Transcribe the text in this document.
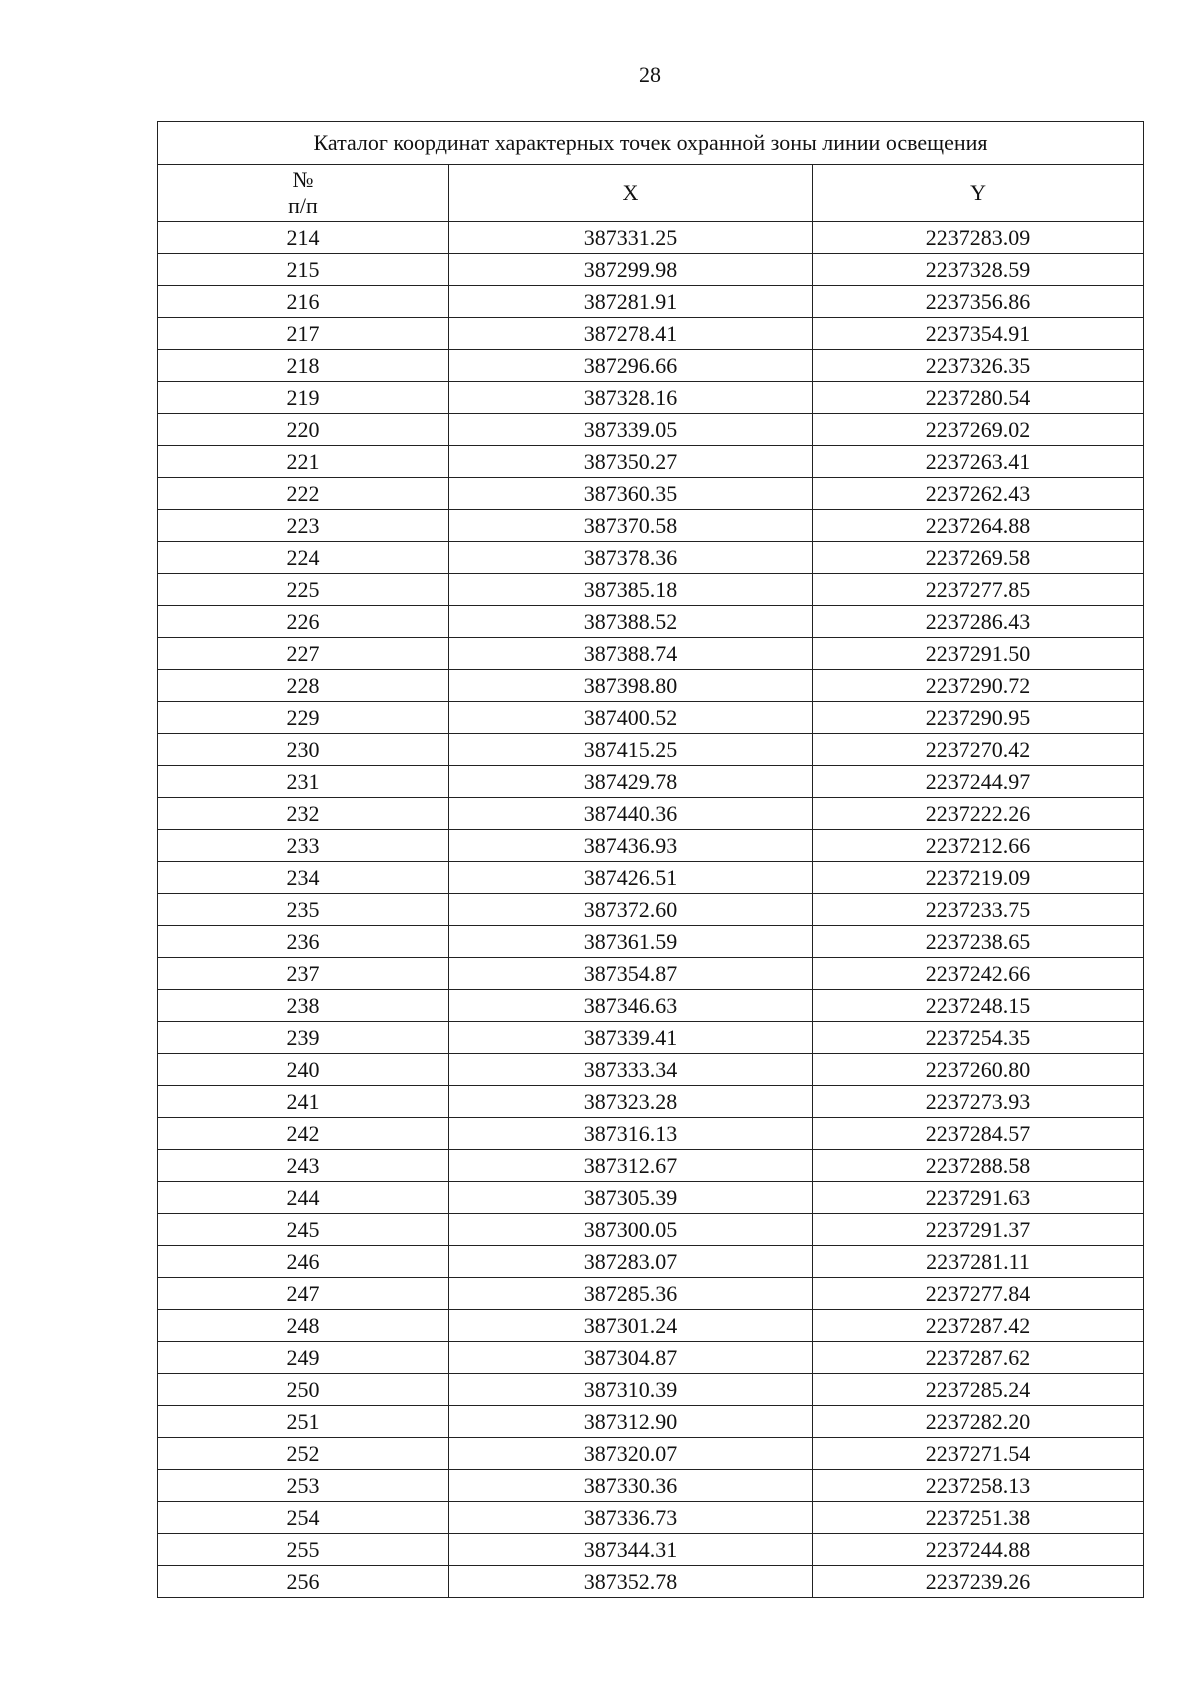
28
Каталог координат характерных точек охранной зоны линии освещения		

№
п/п	X	Y
214	387331.25	2237283.09
215	387299.98	2237328.59
216	387281.91	2237356.86
217	387278.41	2237354.91
218	387296.66	2237326.35
219	387328.16	2237280.54
220	387339.05	2237269.02
221	387350.27	2237263.41
222	387360.35	2237262.43
223	387370.58	2237264.88
224	387378.36	2237269.58
225	387385.18	2237277.85
226	387388.52	2237286.43
227	387388.74	2237291.50
228	387398.80	2237290.72
229	387400.52	2237290.95
230	387415.25	2237270.42
231	387429.78	2237244.97
232	387440.36	2237222.26
233	387436.93	2237212.66
234	387426.51	2237219.09
235	387372.60	2237233.75
236	387361.59	2237238.65
237	387354.87	2237242.66
238	387346.63	2237248.15
239	387339.41	2237254.35
240	387333.34	2237260.80
241	387323.28	2237273.93
242	387316.13	2237284.57
243	387312.67	2237288.58
244	387305.39	2237291.63
245	387300.05	2237291.37
246	387283.07	2237281.11
247	387285.36	2237277.84
248	387301.24	2237287.42
249	387304.87	2237287.62
250	387310.39	2237285.24
251	387312.90	2237282.20
252	387320.07	2237271.54
253	387330.36	2237258.13
254	387336.73	2237251.38
255	387344.31	2237244.88
256	387352.78	2237239.26
